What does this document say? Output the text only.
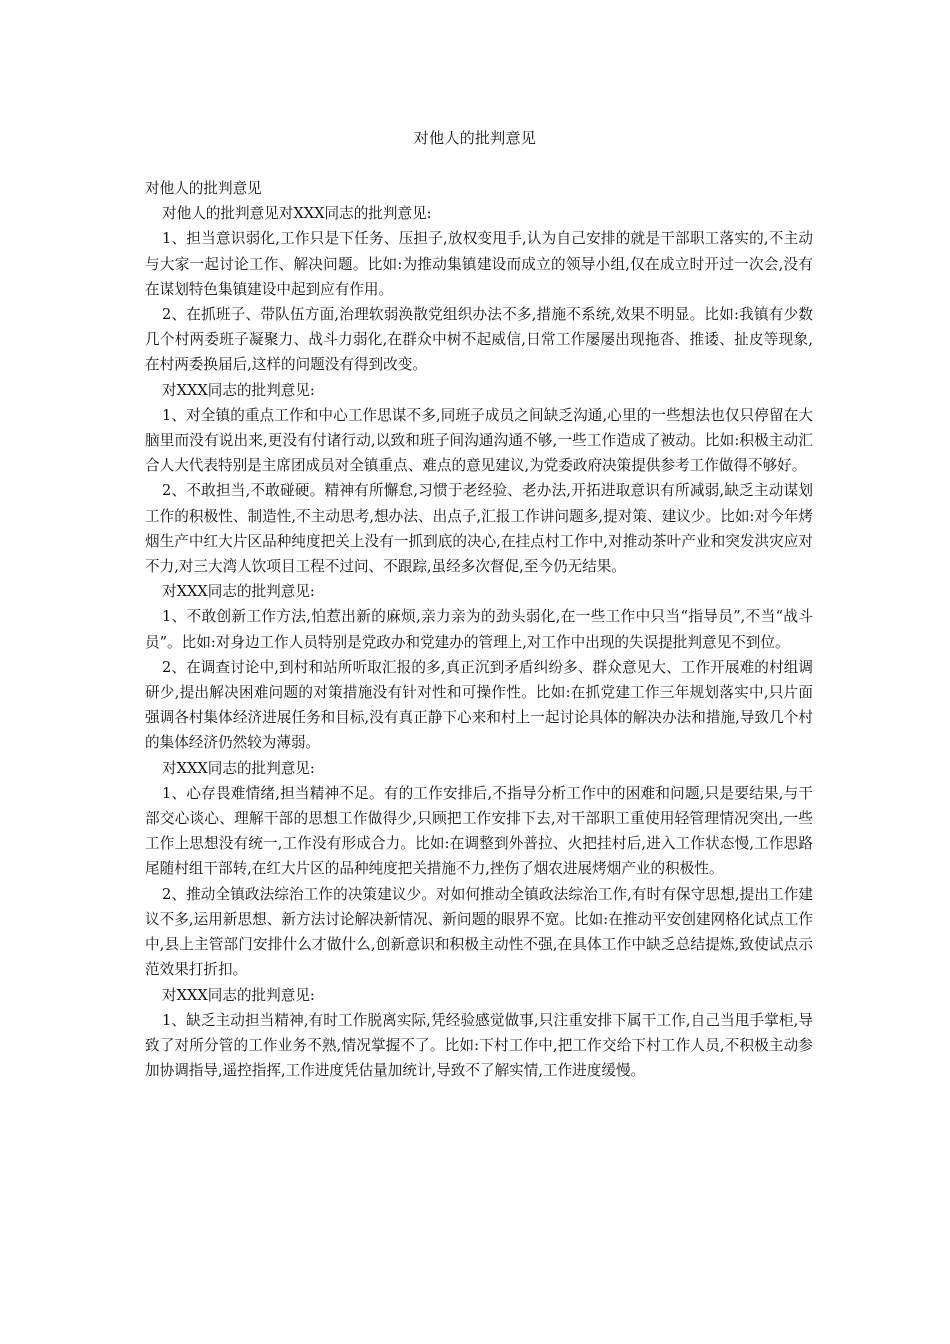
对他人的批判意见

对他人的批判意见

对他人的批判意见对XXX同志的批判意见:

1、担当意识弱化,工作只是下任务、压担子,放权变甩手,认为自己安排的就是干部职工落实的,不主动与大家一起讨论工作、解决问题。比如:为推动集镇建设而成立的领导小组,仅在成立时开过一次会,没有在谋划特色集镇建设中起到应有作用。

2、在抓班子、带队伍方面,治理软弱涣散党组织办法不多,措施不系统,效果不明显。比如:我镇有少数几个村两委班子凝聚力、战斗力弱化,在群众中树不起威信,日常工作屡屡出现拖沓、推诿、扯皮等现象,在村两委换届后,这样的问题没有得到改变。

对XXX同志的批判意见:

1、对全镇的重点工作和中心工作思谋不多,同班子成员之间缺乏沟通,心里的一些想法也仅只停留在大脑里而没有说出来,更没有付诸行动,以致和班子间沟通沟通不够,一些工作造成了被动。比如:积极主动汇合人大代表特别是主席团成员对全镇重点、难点的意见建议,为党委政府决策提供参考工作做得不够好。

2、不敢担当,不敢碰硬。精神有所懈怠,习惯于老经验、老办法,开拓进取意识有所减弱,缺乏主动谋划工作的积极性、制造性,不主动思考,想办法、出点子,汇报工作讲问题多,提对策、建议少。比如:对今年烤烟生产中红大片区品种纯度把关上没有一抓到底的决心,在挂点村工作中,对推动茶叶产业和突发洪灾应对不力,对三大湾人饮项目工程不过问、不跟踪,虽经多次督促,至今仍无结果。

对XXX同志的批判意见:

1、不敢创新工作方法,怕惹出新的麻烦,亲力亲为的劲头弱化,在一些工作中只当“指导员”,不当“战斗员”。比如:对身边工作人员特别是党政办和党建办的管理上,对工作中出现的失误提批判意见不到位。

2、在调查讨论中,到村和站所听取汇报的多,真正沉到矛盾纠纷多、群众意见大、工作开展难的村组调研少,提出解决困难问题的对策措施没有针对性和可操作性。比如:在抓党建工作三年规划落实中,只片面强调各村集体经济进展任务和目标,没有真正静下心来和村上一起讨论具体的解决办法和措施,导致几个村的集体经济仍然较为薄弱。

对XXX同志的批判意见:

1、心存畏难情绪,担当精神不足。有的工作安排后,不指导分析工作中的困难和问题,只是要结果,与干部交心谈心、理解干部的思想工作做得少,只顾把工作安排下去,对干部职工重使用轻管理情况突出,一些工作上思想没有统一,工作没有形成合力。比如:在调整到外普拉、火把挂村后,进入工作状态慢,工作思路尾随村组干部转,在红大片区的品种纯度把关措施不力,挫伤了烟农进展烤烟产业的积极性。

2、推动全镇政法综治工作的决策建议少。对如何推动全镇政法综治工作,有时有保守思想,提出工作建议不多,运用新思想、新方法讨论解决新情况、新问题的眼界不宽。比如:在推动平安创建网格化试点工作中,县上主管部门安排什么才做什么,创新意识和积极主动性不强,在具体工作中缺乏总结提炼,致使试点示范效果打折扣。

对XXX同志的批判意见:

1、缺乏主动担当精神,有时工作脱离实际,凭经验感觉做事,只注重安排下属干工作,自己当甩手掌柜,导致了对所分管的工作业务不熟,情况掌握不了。比如:下村工作中,把工作交给下村工作人员,不积极主动参加协调指导,遥控指挥,工作进度凭估量加统计,导致不了解实情,工作进度缓慢。
